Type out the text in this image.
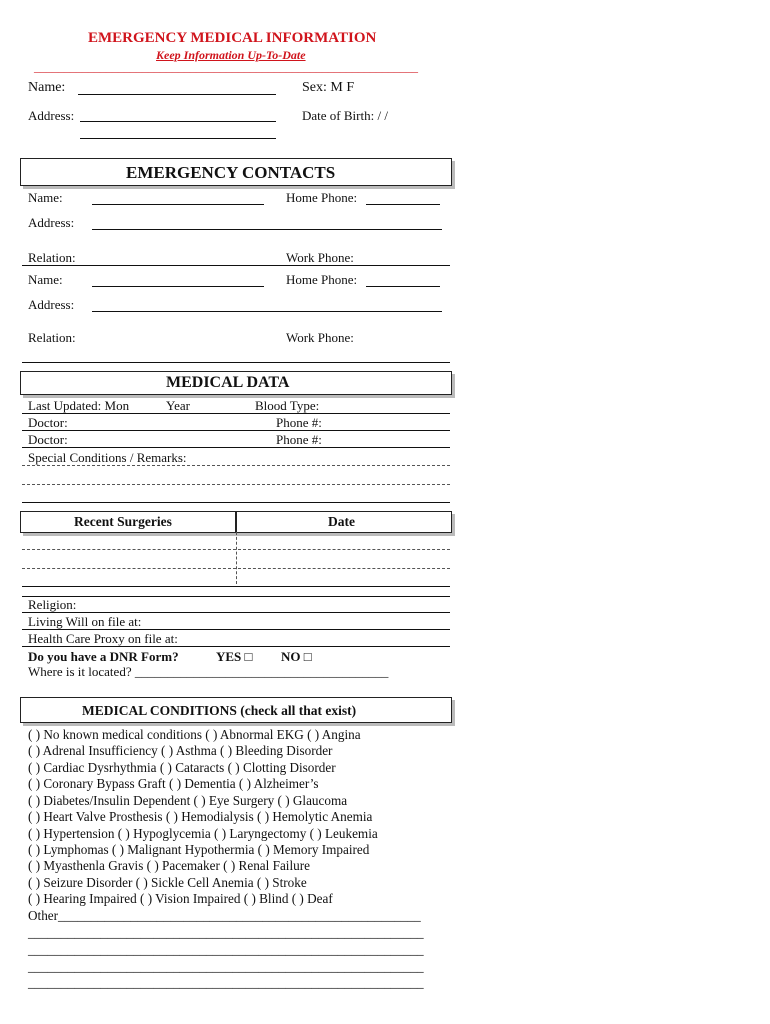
EMERGENCY MEDICAL INFORMATION
Keep Information Up-To-Date
________________________________________________________________
Name:	Sex: M F
Address:	Date of Birth: / /
EMERGENCY CONTACTS
Name:	Home Phone:
Address:
Relation:	Work Phone:
Name:	Home Phone:
Address:
Relation:	Work Phone:
MEDICAL DATA
Last Updated: Mon	Year	Blood Type:
Doctor:	Phone #:
Doctor:	Phone #:
Special Conditions / Remarks:
Recent Surgeries	Date
Religion:
Living Will on file at:
Health Care Proxy on file at:
Do you have a DNR Form?	YES □ NO □
Where is it located? _______________________________________
MEDICAL CONDITIONS (check all that exist)
( ) No known medical conditions ( ) Abnormal EKG ( ) Angina
( ) Adrenal Insufficiency ( ) Asthma ( ) Bleeding Disorder
( ) Cardiac Dysrhythmia ( ) Cataracts ( ) Clotting Disorder
( ) Coronary Bypass Graft ( ) Dementia ( ) Alzheimer’s
( ) Diabetes/Insulin Dependent ( ) Eye Surgery ( ) Glaucoma
( ) Heart Valve Prosthesis ( ) Hemodialysis ( ) Hemolytic Anemia
( ) Hypertension ( ) Hypoglycemia ( ) Laryngectomy ( ) Leukemia
( ) Lymphomas ( ) Malignant Hypothermia ( ) Memory Impaired
( ) Myasthenla Gravis ( ) Pacemaker ( ) Renal Failure
( ) Seizure Disorder ( ) Sickle Cell Anemia ( ) Stroke
( ) Hearing Impaired ( ) Vision Impaired ( ) Blind ( ) Deaf
Other_______________________________________________________
____________________________________________________________
____________________________________________________________
____________________________________________________________
____________________________________________________________
